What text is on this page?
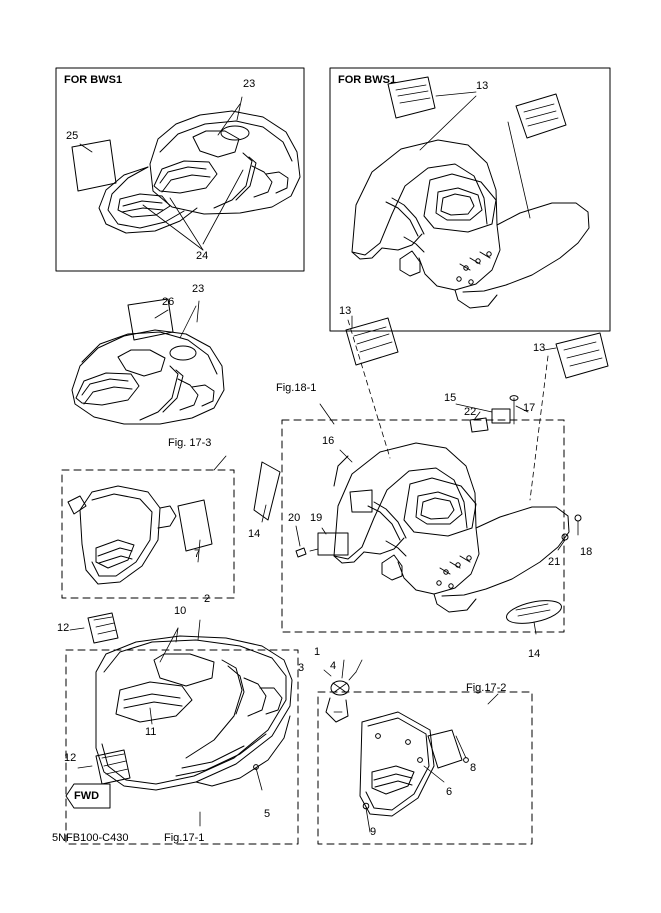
FOR BWS1	FOR BWS1
23
25
24
13
23
26
13
13
15
17
22
16
14
20 19
18
21
14
Fig.18-1
Fig. 17-3
Fig.17-2
Fig.17-1
7
12
10
2
4
1
3
11
12
5
8
6
9
FWD
5NFB100-C430
